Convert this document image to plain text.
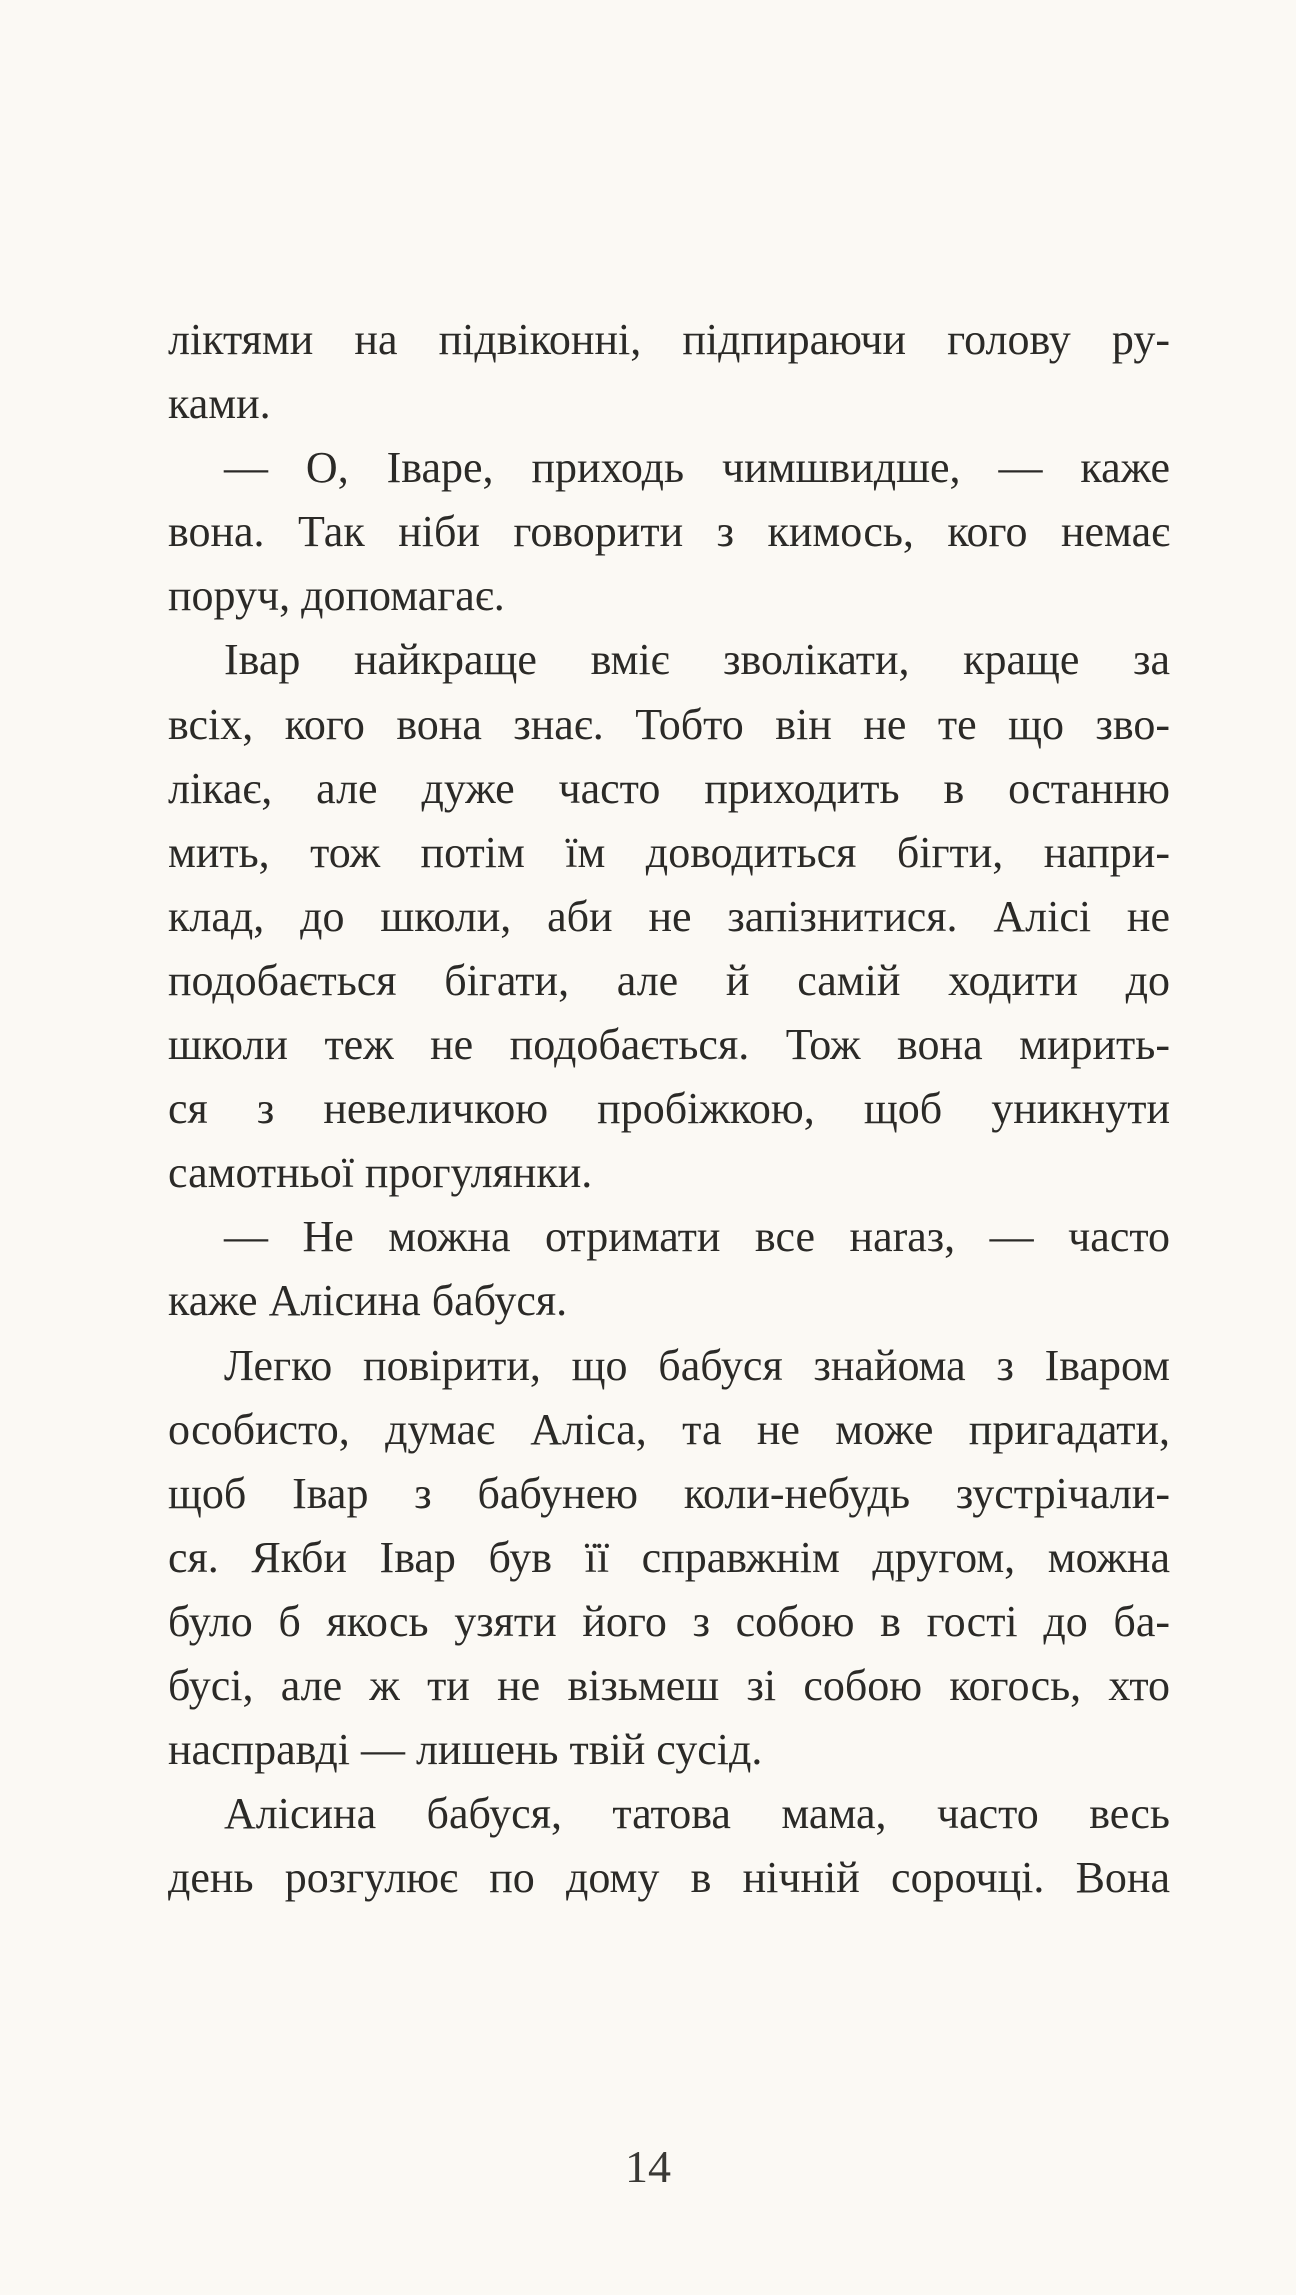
ліктями на підвіконні, підпираючи голову ру-
ками.
— О, Іваре, приходь чимшвидше, — каже
вона. Так ніби говорити з кимось, кого немає
поруч, допомагає.
Івар найкраще вміє зволікати, краще за
всіх, кого вона знає. Тобто він не те що зво-
лікає, але дуже часто приходить в останню
мить, тож потім їм доводиться бігти, напри-
клад, до школи, аби не запізнитися. Алісі не
подобається бігати, але й самій ходити до
школи теж не подобається. Тож вона мирить-
ся з невеличкою пробіжкою, щоб уникнути
самотньої прогулянки.
— Не можна отримати все наraз, — часто
каже Алісина бабуся.
Легко повірити, що бабуся знайома з Іваром
особисто, думає Аліса, та не може пригадати,
щоб Івар з бабунею коли-небудь зустрічали-
ся. Якби Івар був її справжнім другом, можна
було б якось узяти його з собою в гості до ба-
бусі, але ж ти не візьмеш зі собою когось, хто
насправді — лишень твій сусід.
Алісина бабуся, татова мама, часто весь
день розгулює по дому в нічній сорочці. Вона
14
